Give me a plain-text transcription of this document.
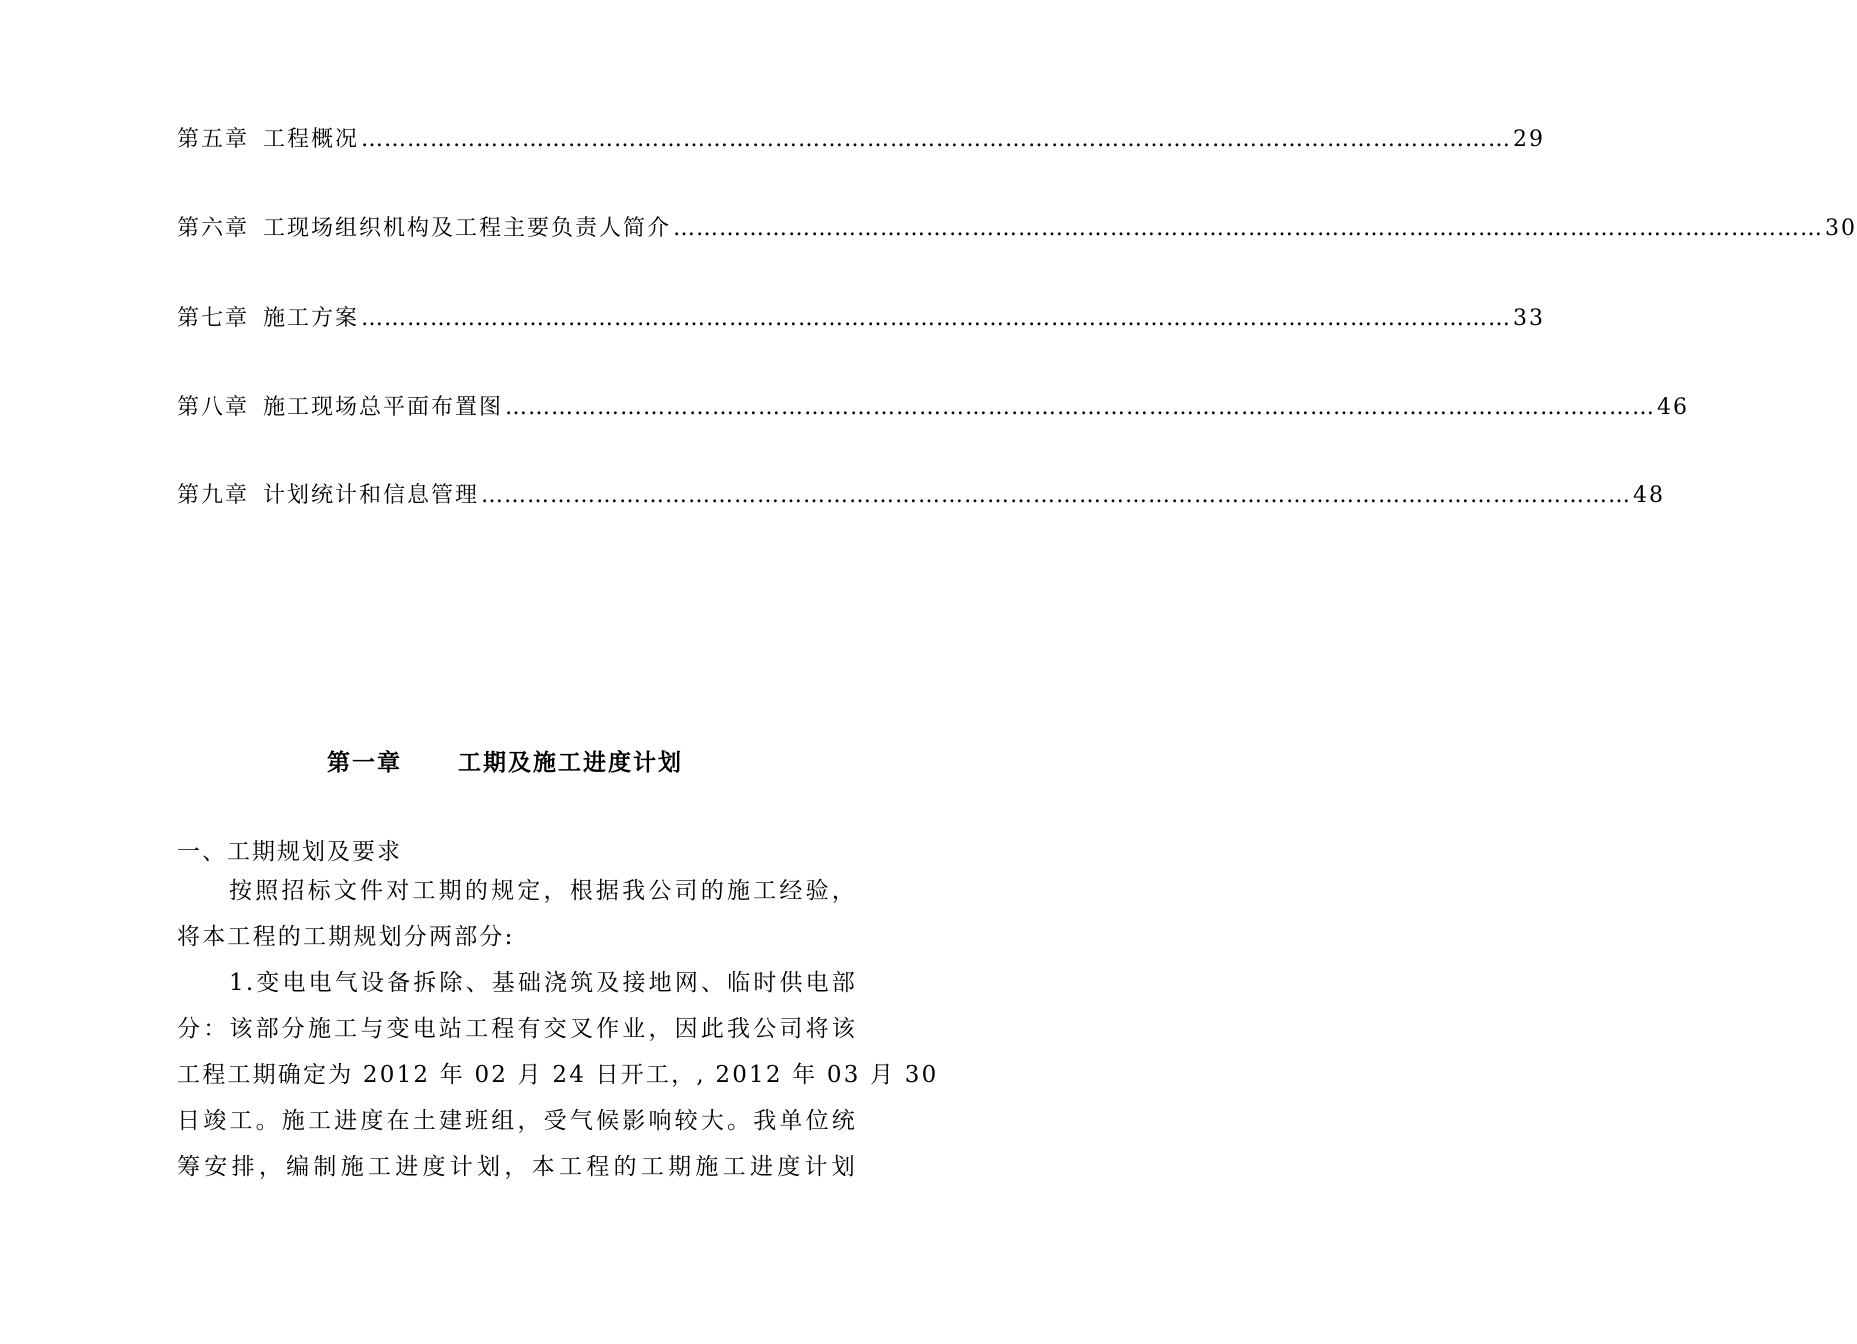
第五章 工程概况 ……………………………………………………………………………………………………………………………………	29
第六章 工现场组织机构及工程主要负责人简介 ……………………………………………………………………………………………………………………………………	30
第七章 施工方案 ……………………………………………………………………………………………………………………………………	33
第八章 施工现场总平面布置图 ……………………………………………………………………………………………………………………………………	46
第九章 计划统计和信息管理 ……………………………………………………………………………………………………………………………………	48
第一章 工期及施工进度计划
一、工期规划及要求
按照招标文件对工期的规定，根据我公司的施工经验，
将本工程的工期规划分两部分:
1.变电电气设备拆除、基础浇筑及接地网、临时供电部
分：该部分施工与变电站工程有交叉作业，因此我公司将该
工程工期确定为 2012 年 02 月 24 日开工，, 2012 年 03 月 30
日竣工。施工进度在土建班组，受气候影响较大。我单位统
筹安排，编制施工进度计划，本工程的工期施工进度计划
